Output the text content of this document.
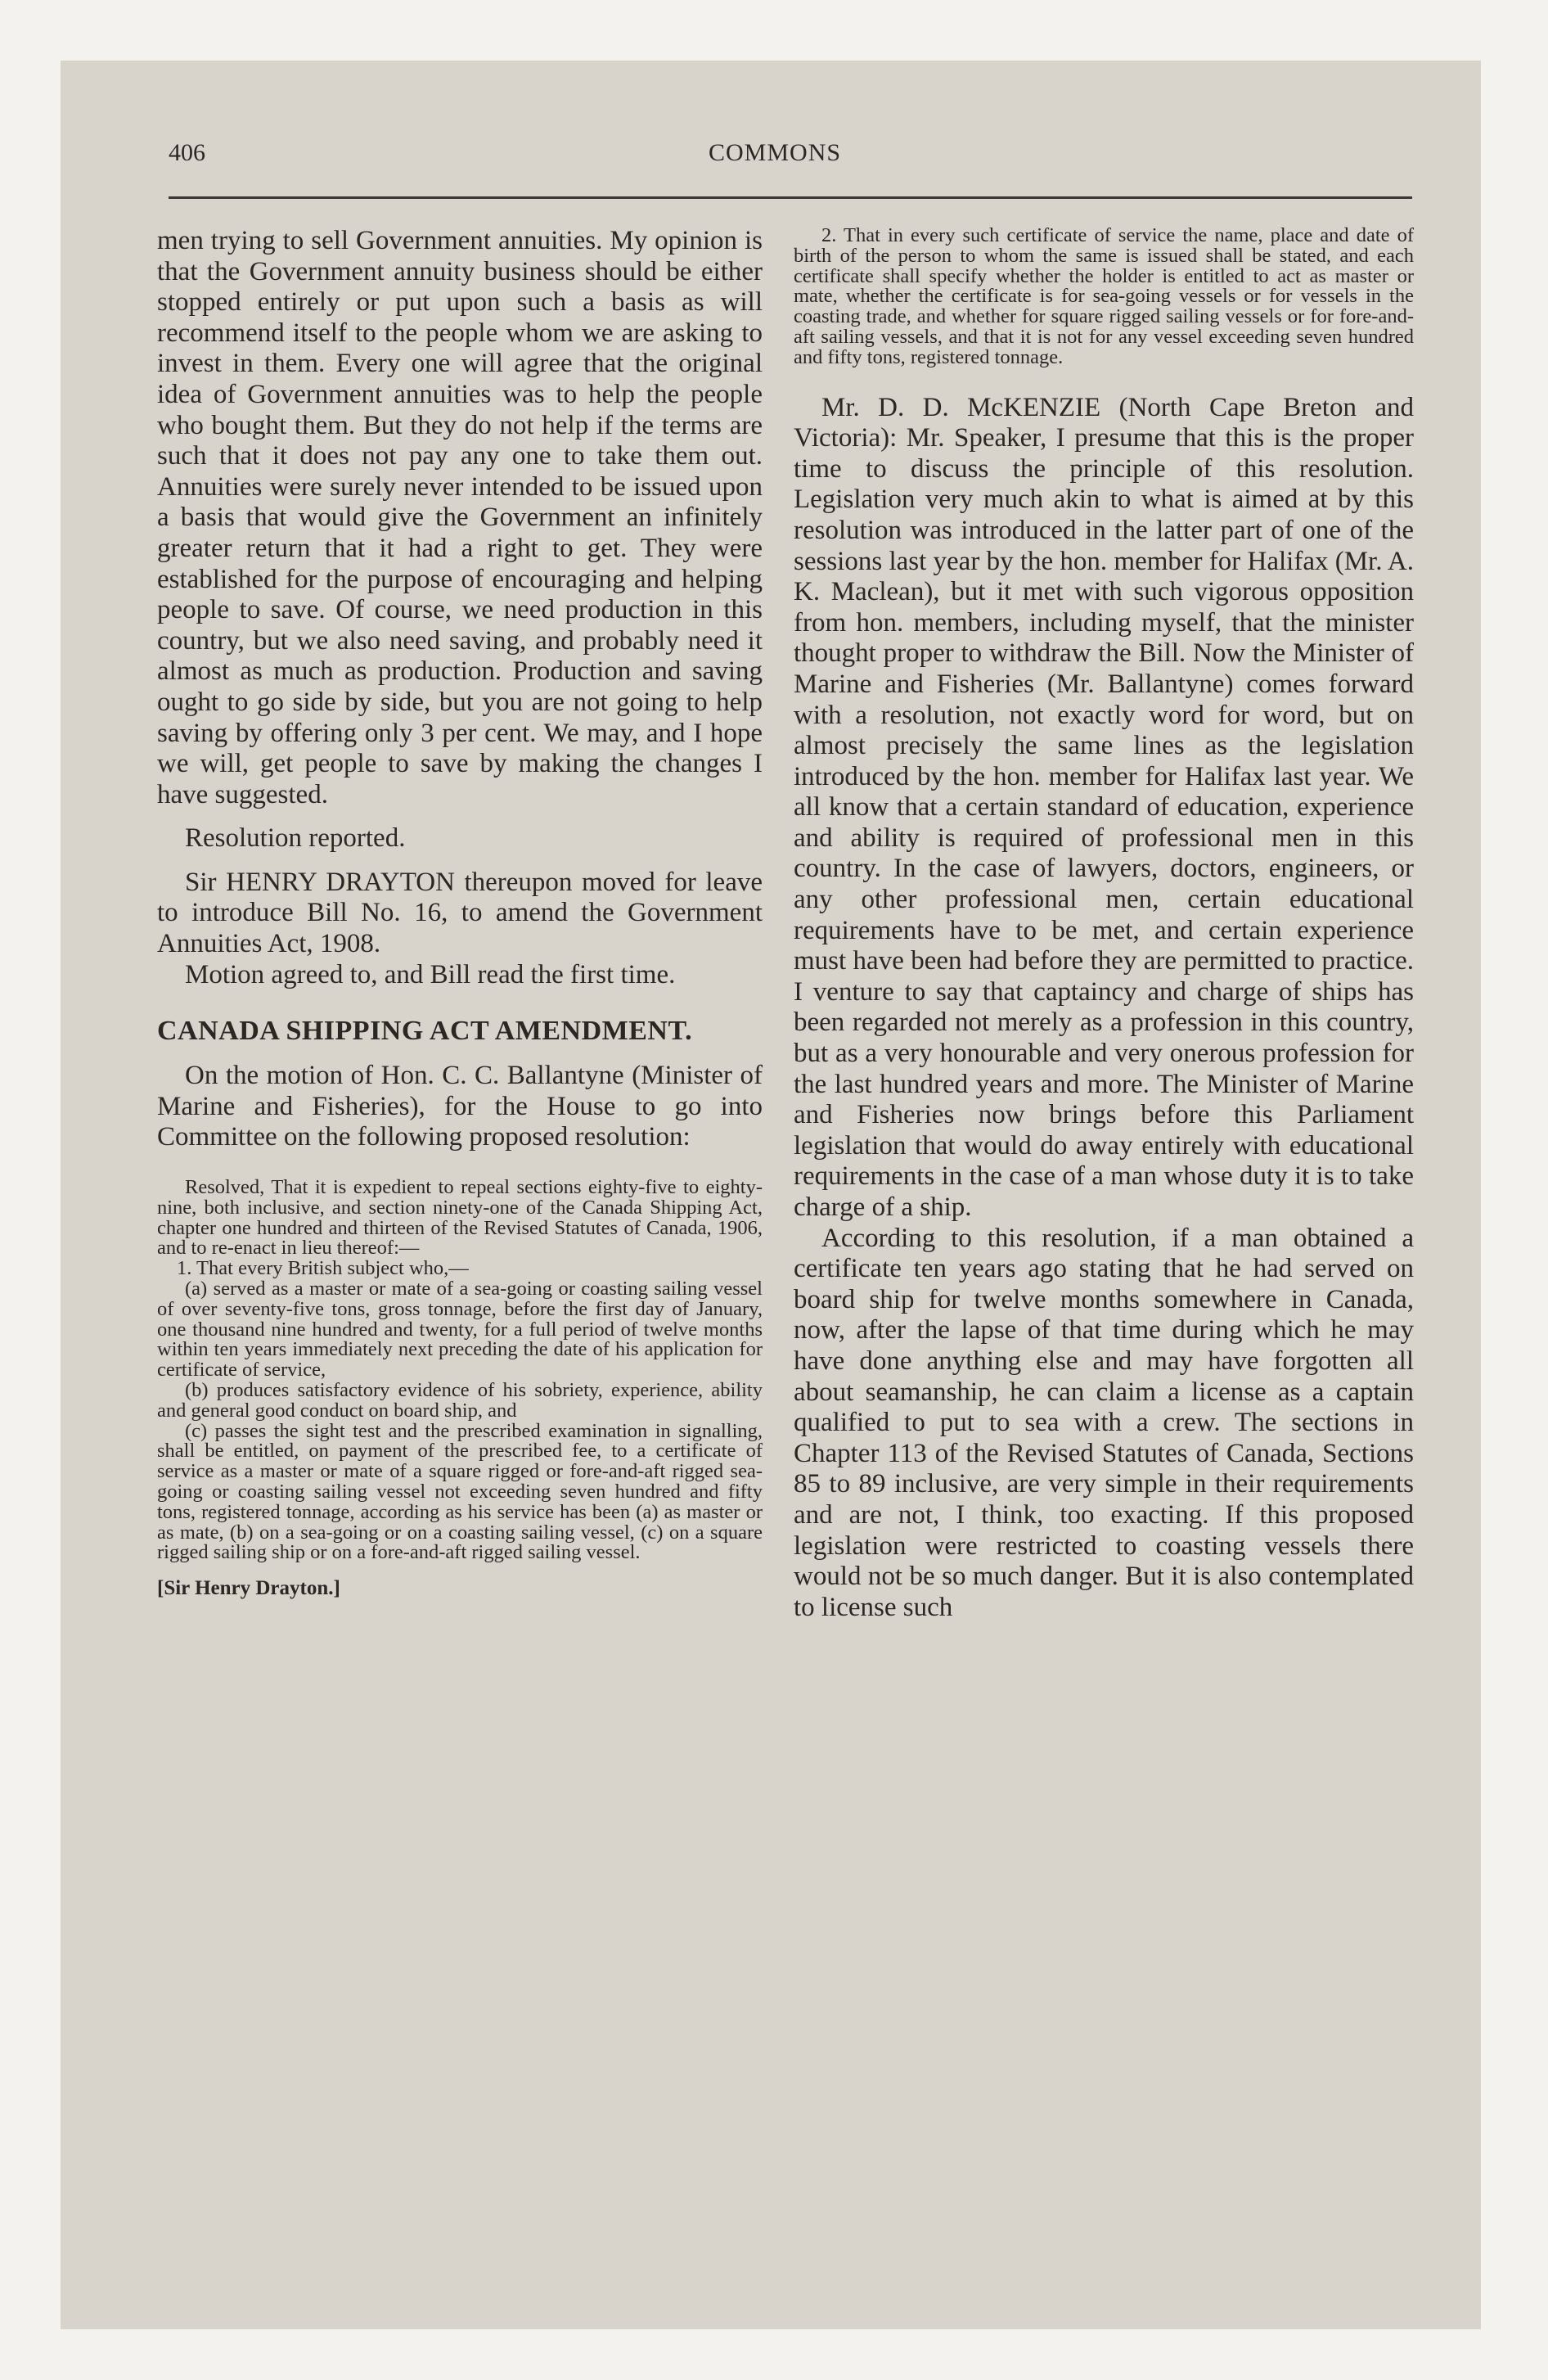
406	COMMONS

men trying to sell Government annuities. My opinion is that the Government annuity business should be either stopped entirely or put upon such a basis as will recommend itself to the people whom we are asking to invest in them. Every one will agree that the original idea of Government annuities was to help the people who bought them. But they do not help if the terms are such that it does not pay any one to take them out. Annuities were surely never intended to be issued upon a basis that would give the Government an infinitely greater return that it had a right to get. They were established for the purpose of encouraging and helping people to save. Of course, we need production in this country, but we also need saving, and probably need it almost as much as production. Production and saving ought to go side by side, but you are not going to help saving by offering only 3 per cent. We may, and I hope we will, get people to save by making the changes I have suggested.

Resolution reported.

Sir HENRY DRAYTON thereupon moved for leave to introduce Bill No. 16, to amend the Government Annuities Act, 1908.

Motion agreed to, and Bill read the first time.

CANADA SHIPPING ACT AMENDMENT.

On the motion of Hon. C. C. Ballantyne (Minister of Marine and Fisheries), for the House to go into Committee on the following proposed resolution:

Resolved, That it is expedient to repeal sections eighty-five to eighty-nine, both inclusive, and section ninety-one of the Canada Shipping Act, chapter one hundred and thirteen of the Revised Statutes of Canada, 1906, and to re-enact in lieu thereof:—

1. That every British subject who,—

(a) served as a master or mate of a sea-going or coasting sailing vessel of over seventy-five tons, gross tonnage, before the first day of January, one thousand nine hundred and twenty, for a full period of twelve months within ten years immediately next preceding the date of his application for certificate of service,

(b) produces satisfactory evidence of his sobriety, experience, ability and general good conduct on board ship, and

(c) passes the sight test and the prescribed examination in signalling, shall be entitled, on payment of the prescribed fee, to a certificate of service as a master or mate of a square rigged or fore-and-aft rigged sea-going or coasting sailing vessel not exceeding seven hundred and fifty tons, registered tonnage, according as his service has been (a) as master or as mate, (b) on a sea-going or on a coasting sailing vessel, (c) on a square rigged sailing ship or on a fore-and-aft rigged sailing vessel.

[Sir Henry Drayton.]

2. That in every such certificate of service the name, place and date of birth of the person to whom the same is issued shall be stated, and each certificate shall specify whether the holder is entitled to act as master or mate, whether the certificate is for sea-going vessels or for vessels in the coasting trade, and whether for square rigged sailing vessels or for fore-and-aft sailing vessels, and that it is not for any vessel exceeding seven hundred and fifty tons, registered tonnage.

Mr. D. D. McKENZIE (North Cape Breton and Victoria): Mr. Speaker, I presume that this is the proper time to discuss the principle of this resolution. Legislation very much akin to what is aimed at by this resolution was introduced in the latter part of one of the sessions last year by the hon. member for Halifax (Mr. A. K. Maclean), but it met with such vigorous opposition from hon. members, including myself, that the minister thought proper to withdraw the Bill. Now the Minister of Marine and Fisheries (Mr. Ballantyne) comes forward with a resolution, not exactly word for word, but on almost precisely the same lines as the legislation introduced by the hon. member for Halifax last year. We all know that a certain standard of education, experience and ability is required of professional men in this country. In the case of lawyers, doctors, engineers, or any other professional men, certain educational requirements have to be met, and certain experience must have been had before they are permitted to practice. I venture to say that captaincy and charge of ships has been regarded not merely as a profession in this country, but as a very honourable and very onerous profession for the last hundred years and more. The Minister of Marine and Fisheries now brings before this Parliament legislation that would do away entirely with educational requirements in the case of a man whose duty it is to take charge of a ship.

According to this resolution, if a man obtained a certificate ten years ago stating that he had served on board ship for twelve months somewhere in Canada, now, after the lapse of that time during which he may have done anything else and may have forgotten all about seamanship, he can claim a license as a captain qualified to put to sea with a crew. The sections in Chapter 113 of the Revised Statutes of Canada, Sections 85 to 89 inclusive, are very simple in their requirements and are not, I think, too exacting. If this proposed legislation were restricted to coasting vessels there would not be so much danger. But it is also contemplated to license such
